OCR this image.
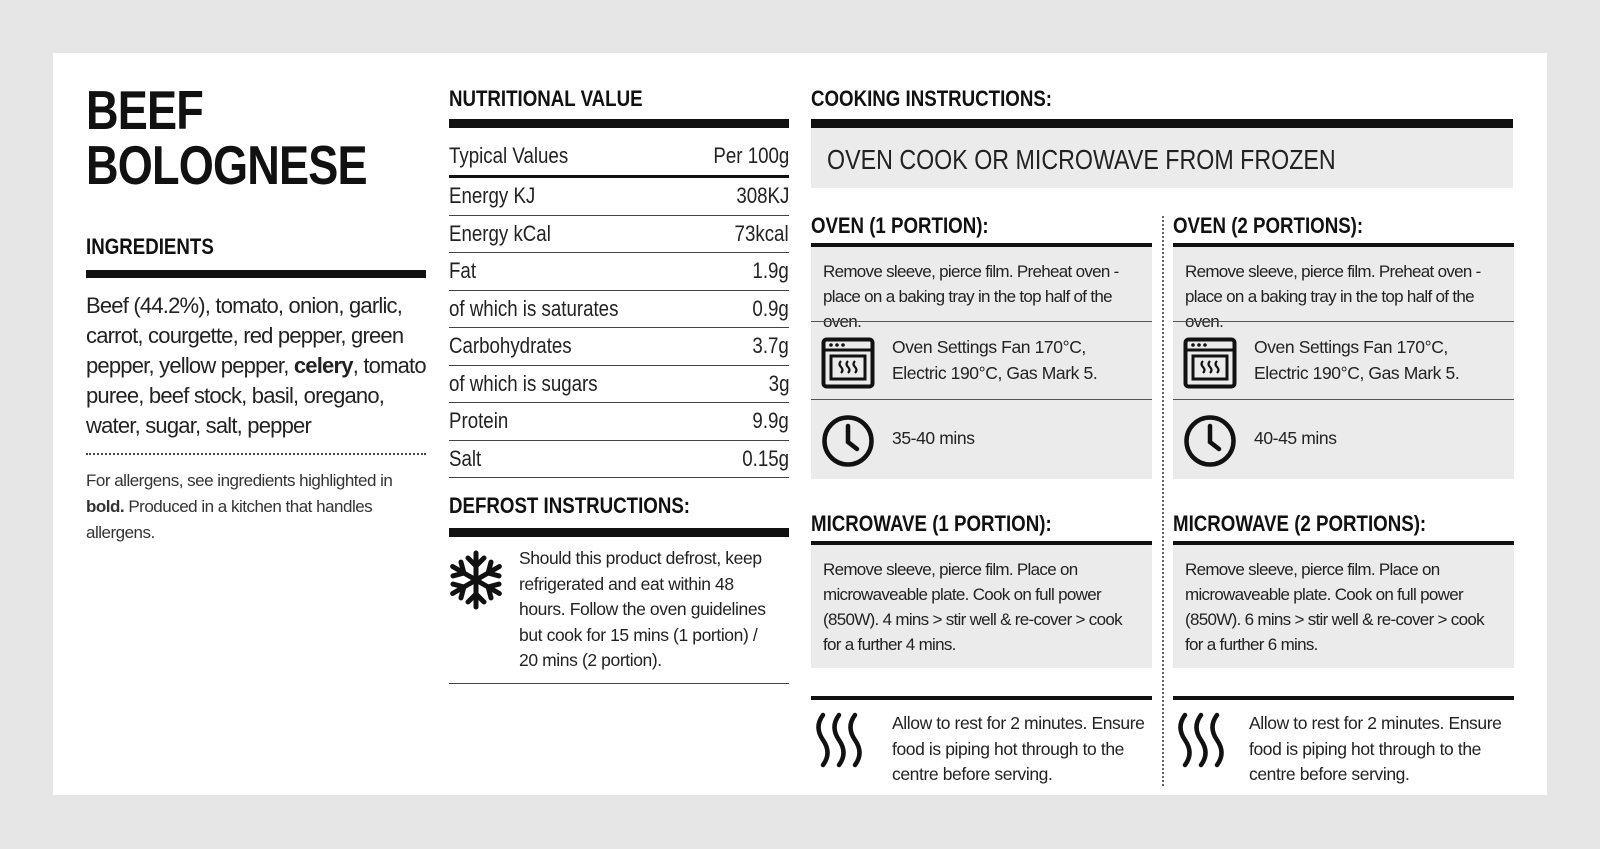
BEEF
BOLOGNESE
INGREDIENTS
Beef (44.2%), tomato, onion, garlic, carrot, courgette, red pepper, green pepper, yellow pepper, celery, tomato puree, beef stock, basil, oregano, water, sugar, salt, pepper
For allergens, see ingredients highlighted in bold. Produced in a kitchen that handles allergens.
NUTRITIONAL VALUE
Typical Values	Per 100g
Energy KJ	308KJ
Energy kCal	73kcal
Fat	1.9g
of which is saturates	0.9g
Carbohydrates	3.7g
of which is sugars	3g
Protein	9.9g
Salt	0.15g
DEFROST INSTRUCTIONS:
Should this product defrost, keep refrigerated and eat within 48 hours. Follow the oven guidelines but cook for 15 mins (1 portion) / 20 mins (2 portion).
COOKING INSTRUCTIONS:
OVEN COOK OR MICROWAVE FROM FROZEN
OVEN (1 PORTION):
Remove sleeve, pierce film. Preheat oven - place on a baking tray in the top half of the oven.
Oven Settings Fan 170°C, Electric 190°C, Gas Mark 5.
35-40 mins
OVEN (2 PORTIONS):
Remove sleeve, pierce film. Preheat oven - place on a baking tray in the top half of the oven.
Oven Settings Fan 170°C, Electric 190°C, Gas Mark 5.
40-45 mins
MICROWAVE (1 PORTION):
Remove sleeve, pierce film. Place on microwaveable plate. Cook on full power (850W). 4 mins > stir well & re-cover > cook for a further 4 mins.
MICROWAVE (2 PORTIONS):
Remove sleeve, pierce film. Place on microwaveable plate. Cook on full power (850W). 6 mins > stir well & re-cover > cook for a further 6 mins.
Allow to rest for 2 minutes. Ensure food is piping hot through to the centre before serving.
Allow to rest for 2 minutes. Ensure food is piping hot through to the centre before serving.
